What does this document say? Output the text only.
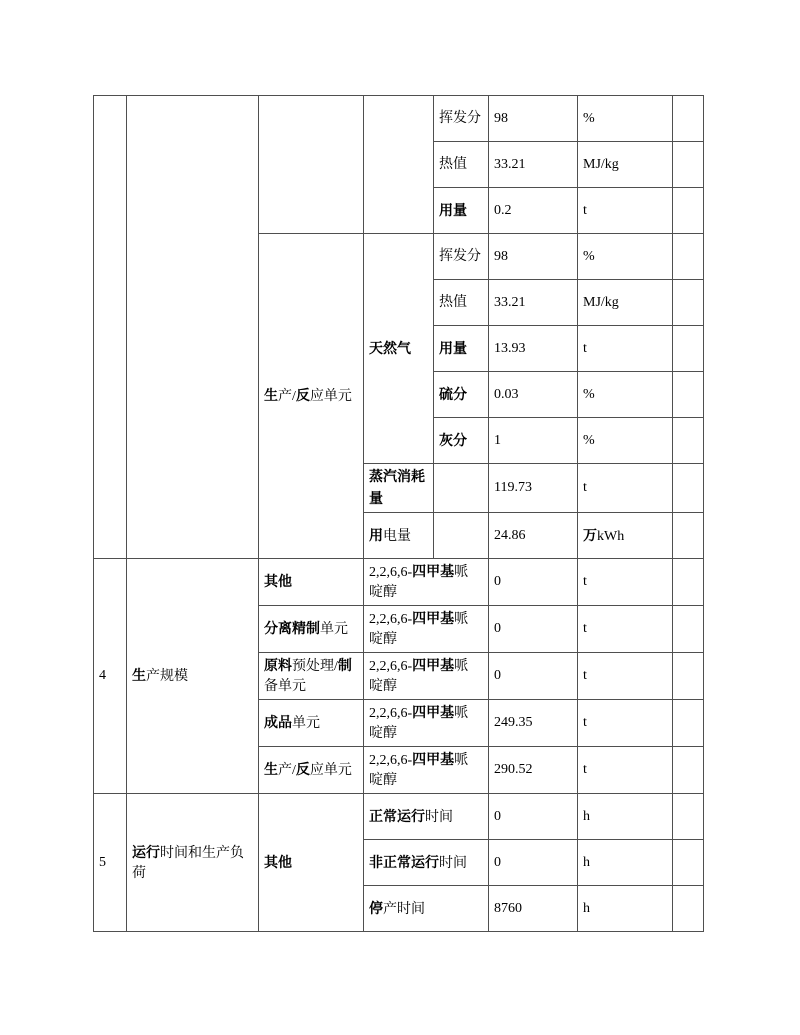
				挥发分	98	%	
				热值	33.21	MJ/kg	
				用量	0.2	t	
		生产/反应单元	天然气	挥发分	98	%	
				热值	33.21	MJ/kg	
				用量	13.93	t	
				硫分	0.03	%	
				灰分	1	%	
			蒸汽消耗量		119.73	t	
			用电量		24.86	万kWh	
4	生产规模	其他	2,2,6,6-四甲基哌啶醇		0	t	
		分离精制单元	2,2,6,6-四甲基哌啶醇		0	t	
		原料预处理/制备单元	2,2,6,6-四甲基哌啶醇		0	t	
		成品单元	2,2,6,6-四甲基哌啶醇		249.35	t	
		生产/反应单元	2,2,6,6-四甲基哌啶醇		290.52	t	
5	运行时间和生产负荷	其他	正常运行时间		0	h	
			非正常运行时间		0	h	
			停产时间		8760	h	
